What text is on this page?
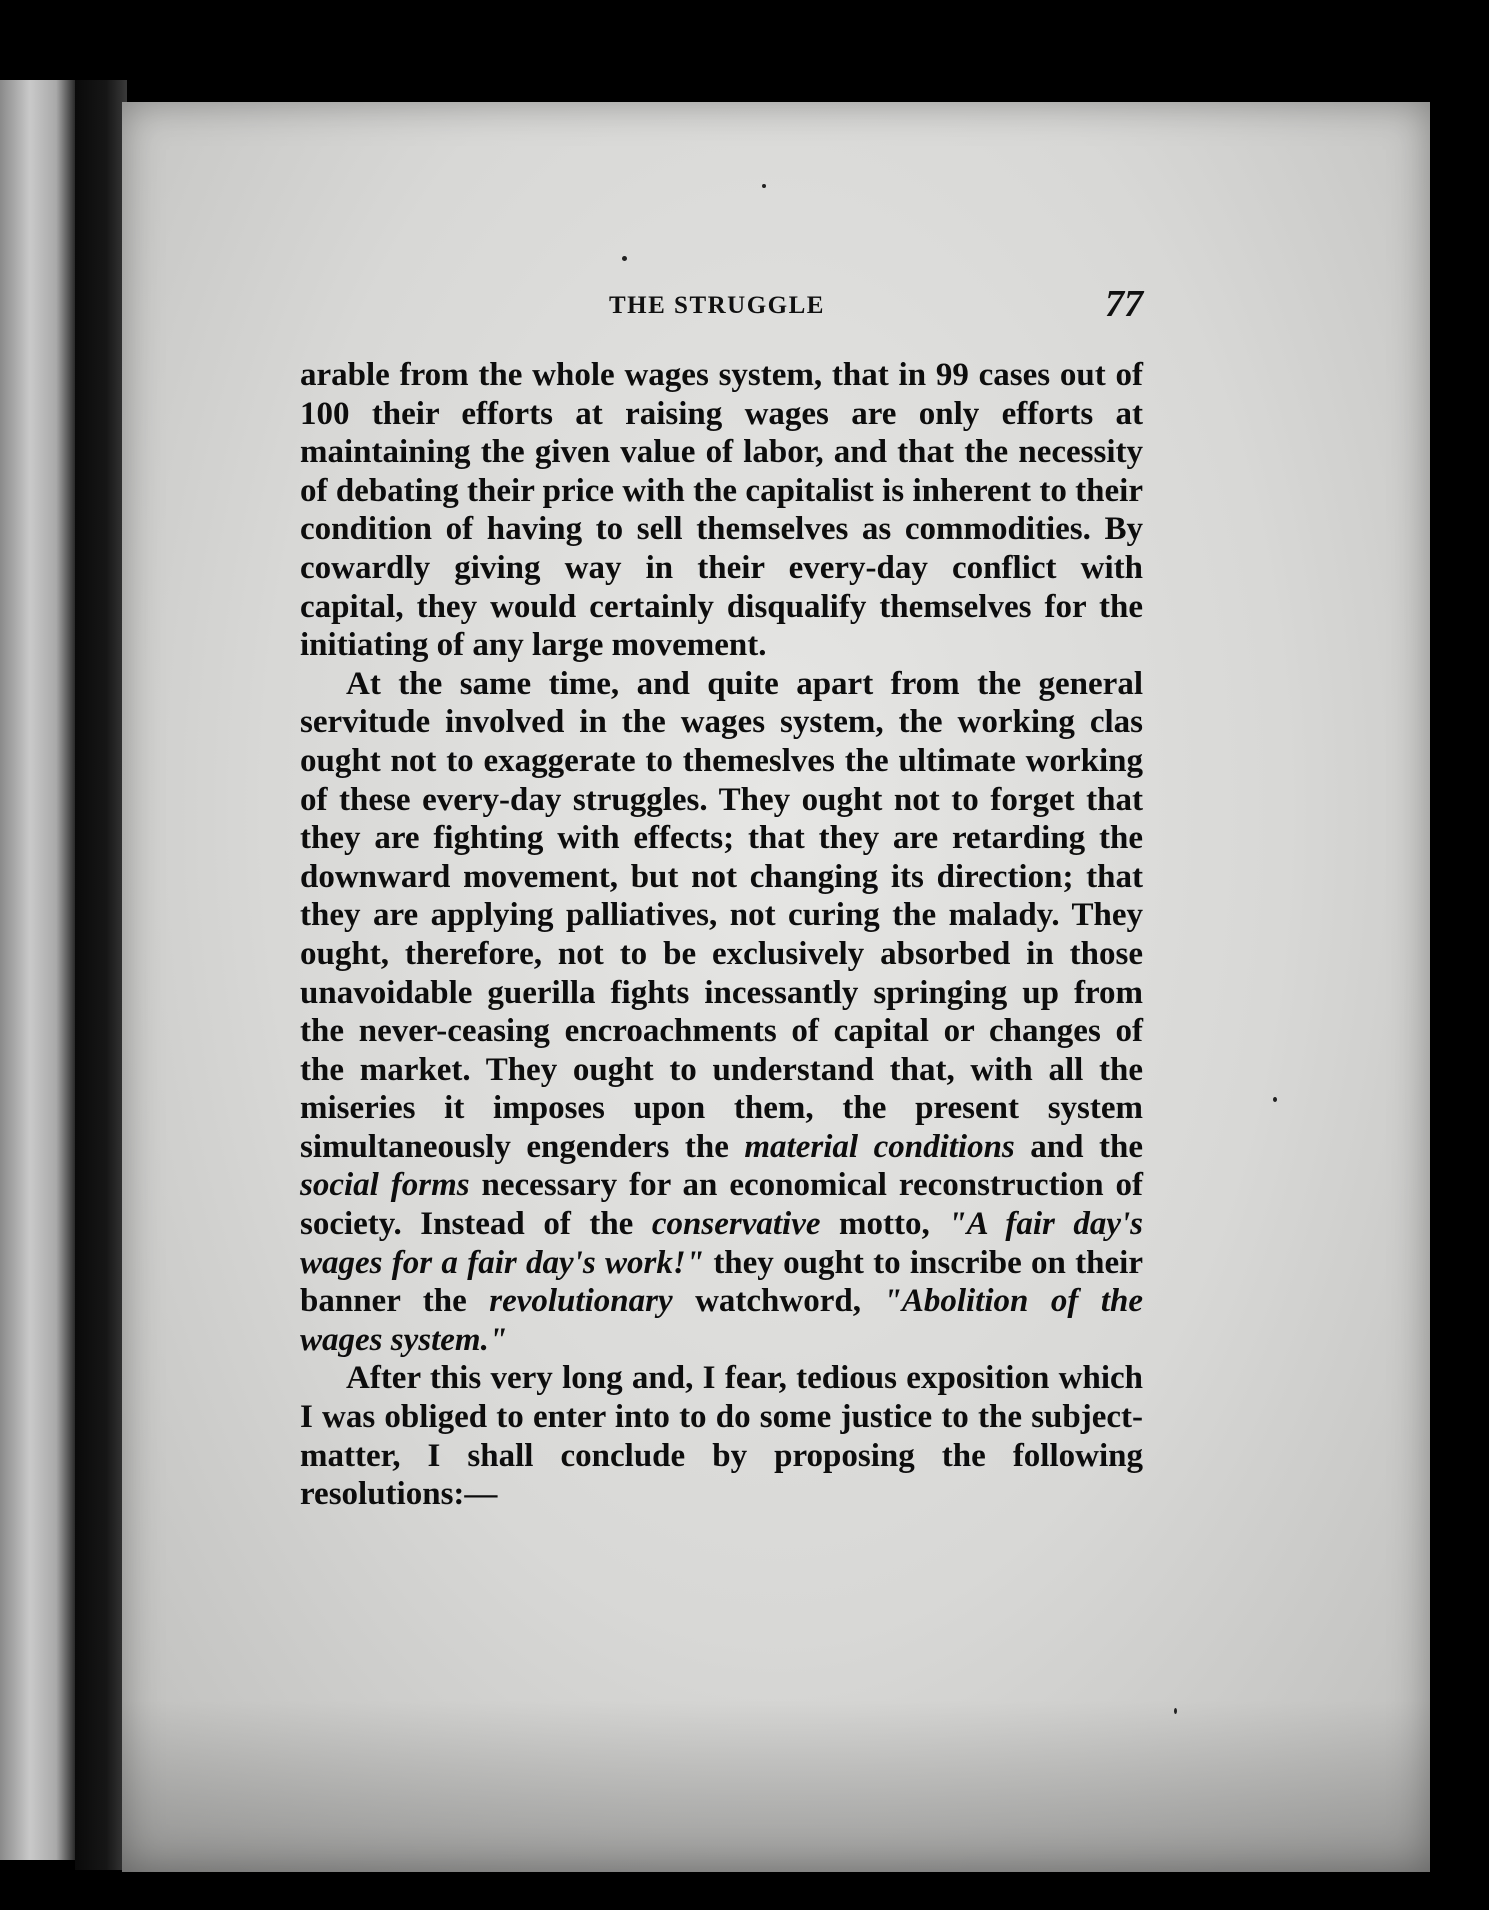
THE STRUGGLE	77

arable from the whole wages system, that in 99 cases out of 100 their efforts at raising wages are only efforts at maintaining the given value of labor, and that the necessity of debating their price with the capitalist is inherent to their condition of having to sell themselves as commodities. By cowardly giving way in their every-day conflict with capital, they would certainly disqualify themselves for the initiating of any large movement.

At the same time, and quite apart from the general servitude involved in the wages system, the working clas ought not to exaggerate to themeslves the ultimate working of these every-day struggles. They ought not to forget that they are fighting with effects; that they are retarding the downward movement, but not changing its direction; that they are applying palliatives, not curing the malady. They ought, therefore, not to be exclusively absorbed in those unavoidable guerilla fights incessantly springing up from the never-ceasing encroachments of capital or changes of the market. They ought to understand that, with all the miseries it imposes upon them, the present system simultaneously engenders the material conditions and the social forms necessary for an economical reconstruction of society. Instead of the conservative motto, "A fair day's wages for a fair day's work!" they ought to inscribe on their banner the revolutionary watchword, "Abolition of the wages system."

After this very long and, I fear, tedious exposition which I was obliged to enter into to do some justice to the subject-matter, I shall conclude by proposing the following resolutions:—
